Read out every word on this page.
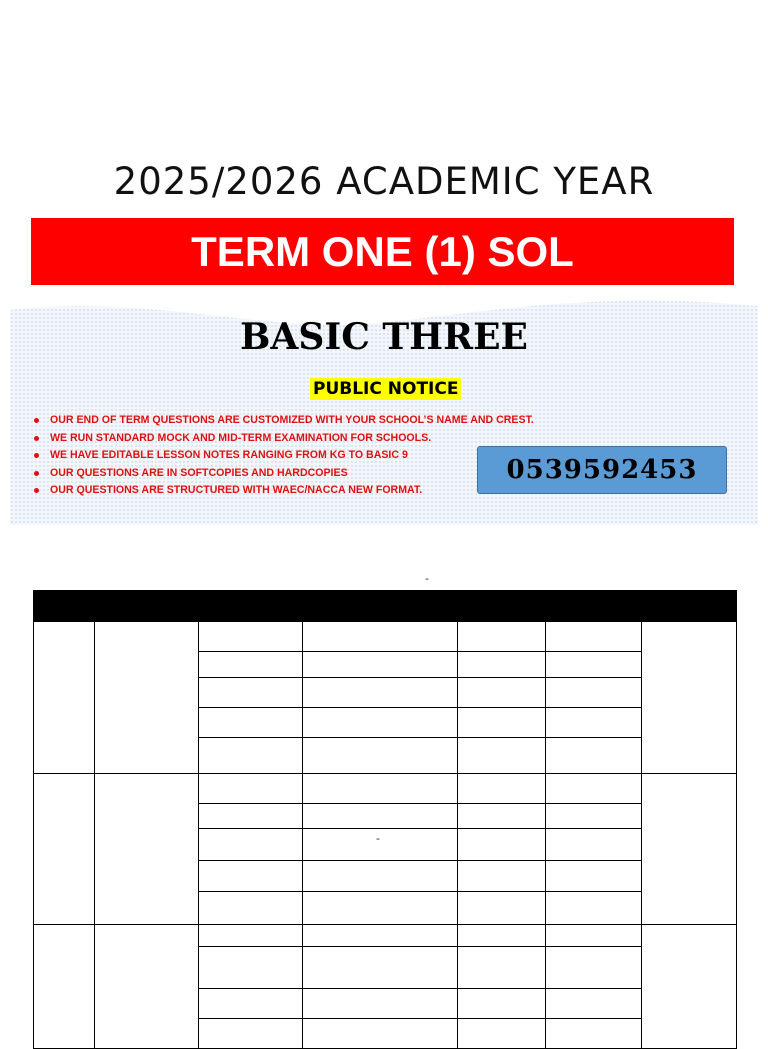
2025/2026 ACADEMIC YEAR
TERM ONE (1) SOL
BASIC THREE
PUBLIC NOTICE
OUR END OF TERM QUESTIONS ARE CUSTOMIZED WITH YOUR SCHOOL’S NAME AND CREST.
WE RUN STANDARD MOCK AND MID-TERM EXAMINATION FOR SCHOOLS.
WE HAVE EDITABLE LESSON NOTES RANGING FROM KG TO BASIC 9
OUR QUESTIONS ARE IN SOFTCOPIES AND HARDCOPIES
OUR QUESTIONS ARE STRUCTURED WITH WAEC/NACCA NEW FORMAT.
0539592453
-

-
